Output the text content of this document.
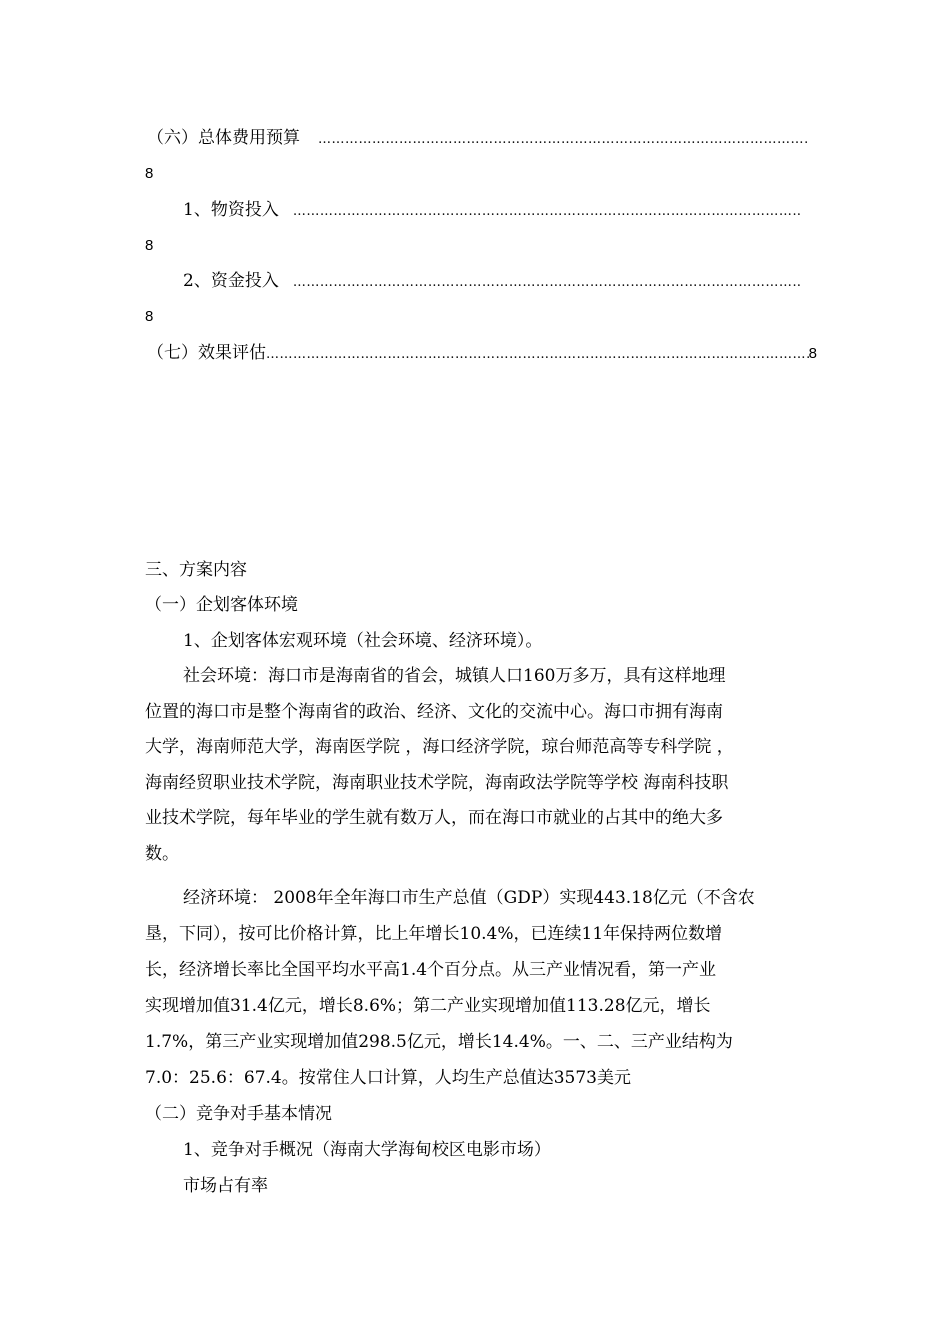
（六）总体费用预算
………………………………………………………………………………………………………………………………………………………………………
8
1、物资投入
………………………………………………………………………………………………………………………………………………………………………
8
2、资金投入
………………………………………………………………………………………………………………………………………………………………………
8
（七）效果评估
………………………………………………………………………………………………………………………………………………………………………	8
三、方案内容
（一）企划客体环境
1、企划客体宏观环境（社会环境、经济环境）。
社会环境：海口市是海南省的省会，城镇人口160万多万，具有这样地理
位置的海口市是整个海南省的政治、经济、文化的交流中心。海口市拥有海南
大学，海南师范大学，海南医学院 ，海口经济学院，琼台师范高等专科学院 ，
海南经贸职业技术学院，海南职业技术学院，海南政法学院等学校 海南科技职
业技术学院，每年毕业的学生就有数万人，而在海口市就业的占其中的绝大多
数。
经济环境： 2008年全年海口市生产总值（GDP）实现443.18亿元（不含农
垦，下同），按可比价格计算，比上年增长10.4%，已连续11年保持两位数增
长，经济增长率比全国平均水平高1.4个百分点。从三产业情况看，第一产业
实现增加值31.4亿元，增长8.6%；第二产业实现增加值113.28亿元，增长
1.7%，第三产业实现增加值298.5亿元，增长14.4%。一、二、三产业结构为
7.0：25.6：67.4。按常住人口计算，人均生产总值达3573美元
（二）竞争对手基本情况
1、竞争对手概况（海南大学海甸校区电影市场）
市场占有率
